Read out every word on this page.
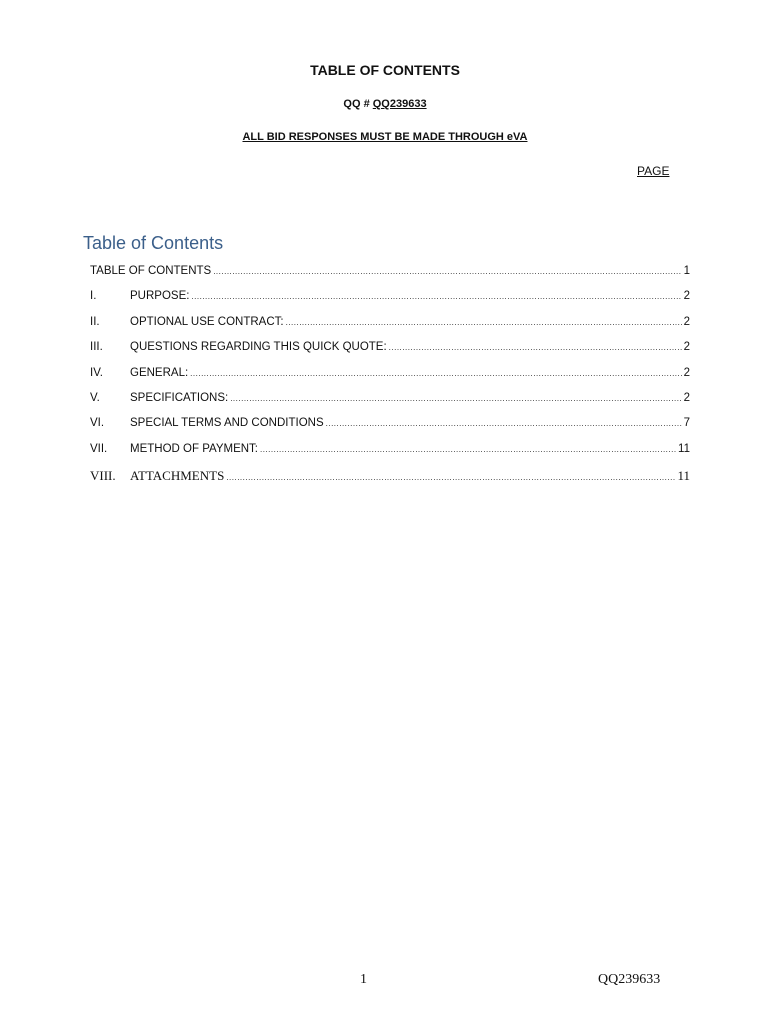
TABLE OF CONTENTS
QQ # QQ239633
ALL BID RESPONSES MUST BE MADE THROUGH eVA
PAGE
Table of Contents
TABLE OF CONTENTS .....	1
I.	PURPOSE: .....	2
II.	OPTIONAL USE CONTRACT: .....	2
III.	QUESTIONS REGARDING THIS QUICK QUOTE: .....	2
IV.	GENERAL: .....	2
V.	SPECIFICATIONS: .....	2
VI.	SPECIAL TERMS AND CONDITIONS .....	7
VII.	METHOD OF PAYMENT: .....	11
VIII.	ATTACHMENTS .....	11
1	QQ239633
